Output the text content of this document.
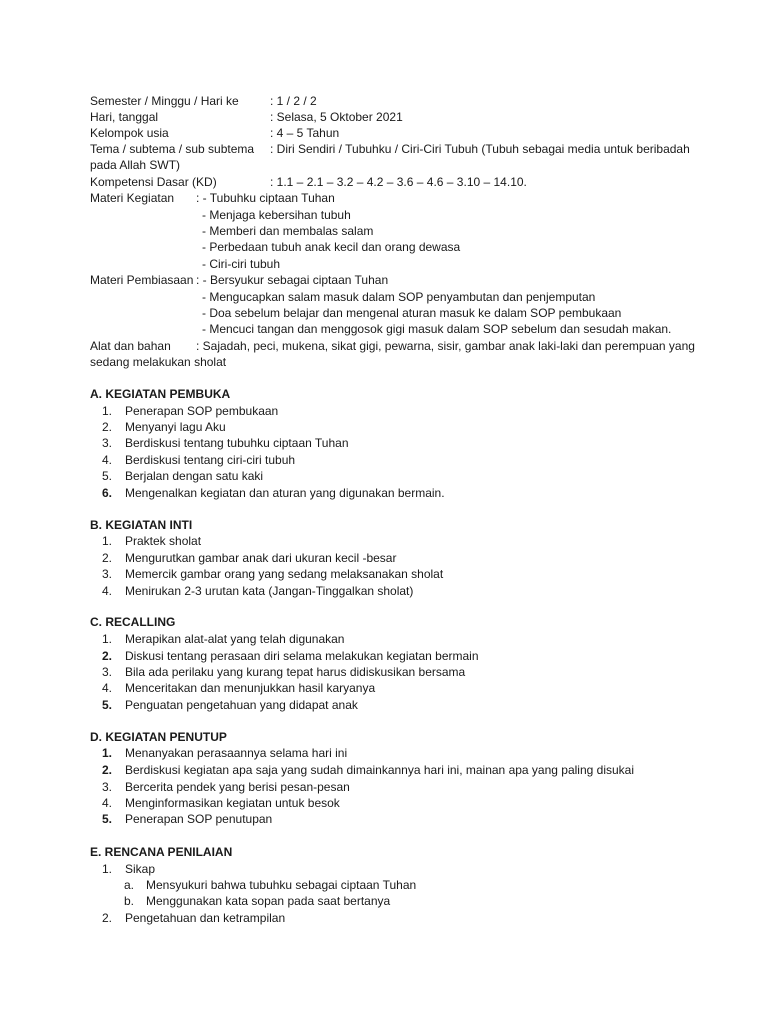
Semester / Minggu / Hari ke	: 1 / 2 / 2
Hari, tanggal	: Selasa, 5 Oktober 2021
Kelompok usia	: 4 – 5 Tahun
Tema / subtema / sub subtema : Diri Sendiri / Tubuhku / Ciri-Ciri Tubuh (Tubuh sebagai media untuk beribadah
pada Allah SWT)
Kompetensi Dasar (KD)	: 1.1 – 2.1 – 3.2 – 4.2 – 3.6 – 4.6 – 3.10 – 14.10.
Materi Kegiatan : - Tubuhku ciptaan Tuhan
- Menjaga kebersihan tubuh
- Memberi dan membalas salam
- Perbedaan tubuh anak kecil dan orang dewasa
- Ciri-ciri tubuh
Materi Pembiasaan : - Bersyukur sebagai ciptaan Tuhan
- Mengucapkan salam masuk dalam SOP penyambutan dan penjemputan
- Doa sebelum belajar dan mengenal aturan masuk ke dalam SOP pembukaan
- Mencuci tangan dan menggosok gigi masuk dalam SOP sebelum dan sesudah makan.
Alat dan bahan : Sajadah, peci, mukena, sikat gigi, pewarna, sisir, gambar anak laki-laki dan perempuan yang
sedang melakukan sholat
A. KEGIATAN PEMBUKA
1. Penerapan SOP pembukaan
2. Menyanyi lagu Aku
3. Berdiskusi tentang tubuhku ciptaan Tuhan
4. Berdiskusi tentang ciri-ciri tubuh
5. Berjalan dengan satu kaki
6. Mengenalkan kegiatan dan aturan yang digunakan bermain.
B. KEGIATAN INTI
1. Praktek sholat
2. Mengurutkan gambar anak dari ukuran kecil -besar
3. Memercik gambar orang yang sedang melaksanakan sholat
4. Menirukan 2-3 urutan kata (Jangan-Tinggalkan sholat)
C. RECALLING
1. Merapikan alat-alat yang telah digunakan
2. Diskusi tentang perasaan diri selama melakukan kegiatan bermain
3. Bila ada perilaku yang kurang tepat harus didiskusikan bersama
4. Menceritakan dan menunjukkan hasil karyanya
5. Penguatan pengetahuan yang didapat anak
D. KEGIATAN PENUTUP
1. Menanyakan perasaannya selama hari ini
2. Berdiskusi kegiatan apa saja yang sudah dimainkannya hari ini, mainan apa yang paling disukai
3. Bercerita pendek yang berisi pesan-pesan
4. Menginformasikan kegiatan untuk besok
5. Penerapan SOP penutupan
E. RENCANA PENILAIAN
1. Sikap
a. Mensyukuri bahwa tubuhku sebagai ciptaan Tuhan
b. Menggunakan kata sopan pada saat bertanya
2. Pengetahuan dan ketrampilan
